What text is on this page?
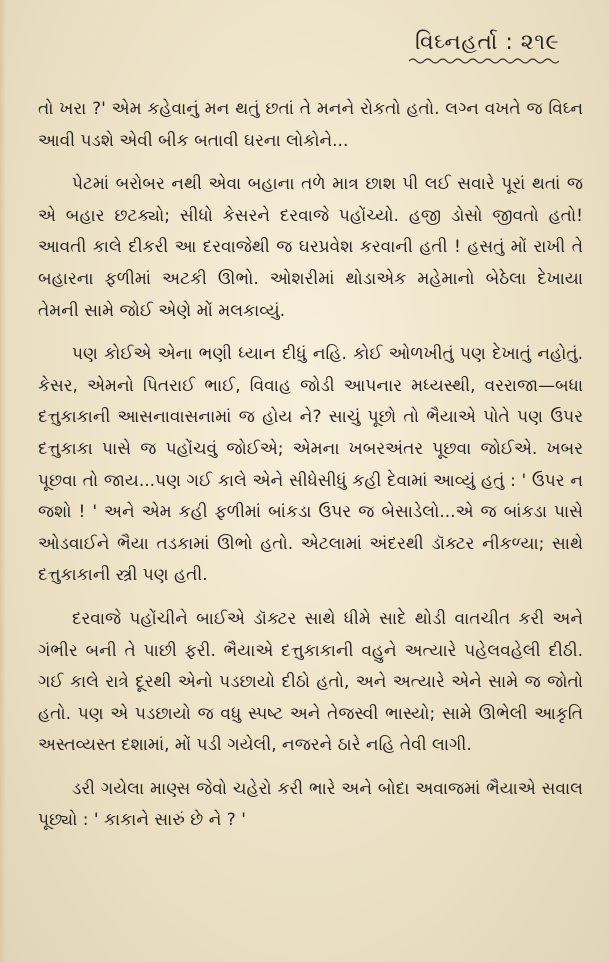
વિઘ્નહર્તા : ૨૧૯

તો ખરા ?' એમ કહેવાનું મન થતું છતાં તે મનને રોકતો હતો. લગ્ન વખતે જ વિઘ્ન આવી પડશે એવી બીક બતાવી ઘરના લોકોને...

પેટમાં બરોબર નથી એવા બહાના તળે માત્ર છાશ પી લઈ સવારે પૂરાં થતાં જ એ બહાર છટક્યો; સીધો કેસરને દરવાજે પહોંચ્યો. હજી ડોસો જીવતો હતો! આવતી કાલે દીકરી આ દરવાજેથી જ ઘરપ્રવેશ કરવાની હતી ! હસતું મોં રાખી તે બહારના ફળીમાં અટકી ઊભો. ઓશરીમાં થોડાએક મહેમાનો બેઠેલા દેખાયા તેમની સામે જોઈ એણે મોં મલકાવ્યું.

પણ કોઈએ એના ભણી ધ્યાન દીધું નહિ. કોઈ ઓળખીતું પણ દેખાતું નહોતું. કેસર, એમનો પિતરાઈ ભાઈ, વિવાહ જોડી આપનાર મધ્યસ્થી, વરરાજા—બધા દત્તુકાકાની આસનાવાસનામાં જ હોય ને? સાચું પૂછો તો ભૈયાએ પોતે પણ ઉપર દત્તુકાકા પાસે જ પહોંચવું જોઈએ; એમના ખબરઅંતર પૂછવા જોઈએ. ખબર પૂછવા તો જાય...પણ ગઈ કાલે એને સીધેસીધું કહી દેવામાં આવ્યું હતું : ' ઉપર ન જશો ! ' અને એમ કહી ફળીમાં બાંકડા ઉપર જ બેસાડેલો...એ જ બાંકડા પાસે ઓડવાઈને ભૈયા તડકામાં ઊભો હતો. એટલામાં અંદરથી ડૉક્ટર નીકળ્યા; સાથે દત્તુકાકાની સ્ત્રી પણ હતી.

દરવાજે પહોંચીને બાઈએ ડૉક્ટર સાથે ધીમે સાદે થોડી વાતચીત કરી અને ગંભીર બની તે પાછી ફરી. ભૈયાએ દત્તુકાકાની વહુને અત્યારે પહેલવહેલી દીઠી. ગઈ કાલે રાત્રે દૂરથી એનો પડછાયો દીઠો હતો, અને અત્યારે એને સામે જ જોતો હતો. પણ એ પડછાયો જ વધુ સ્પષ્ટ અને તેજસ્વી ભાસ્યો; સામે ઊભેલી આકૃતિ અસ્તવ્યસ્ત દશામાં, મોં પડી ગયેલી, નજરને ઠારે નહિ તેવી લાગી.

ડરી ગયેલા માણ્સ જેવો ચહેરો કરી ભારે અને બોદા અવાજમાં ભૈયાએ સવાલ પૂછ્યો : ' કાકાને સારું છે ને ? '
